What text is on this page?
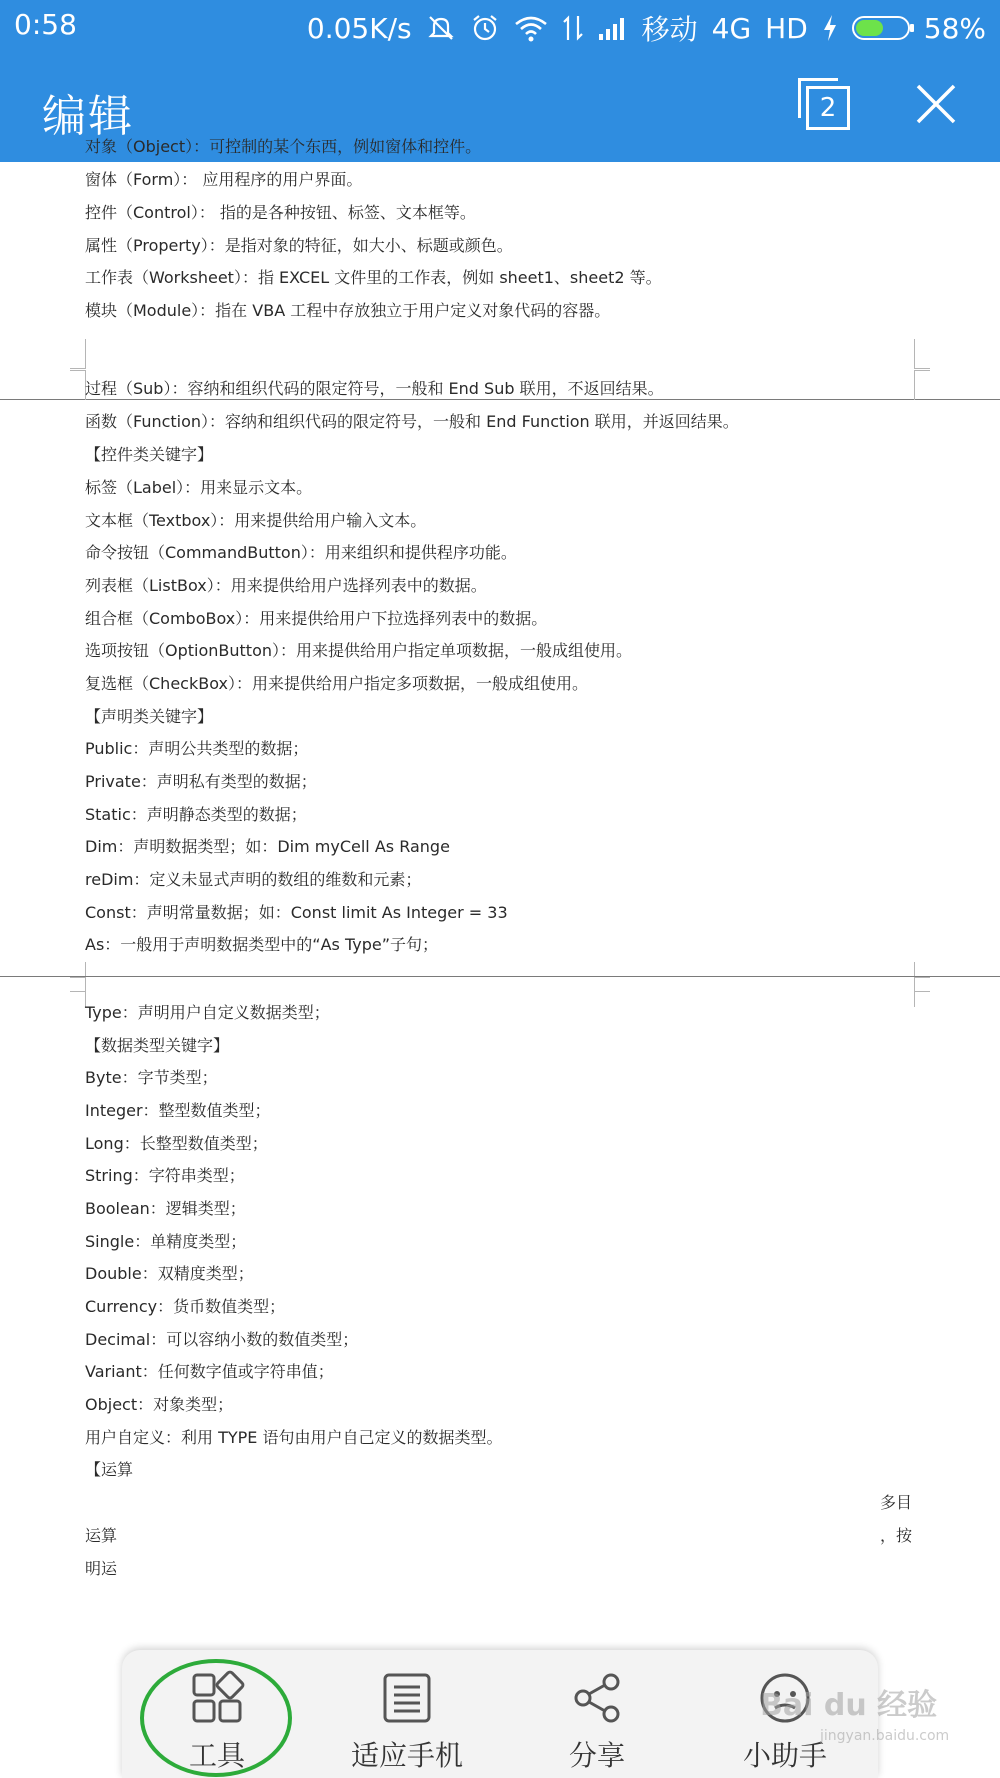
0:58	0.05K/s	移动 4G HD	58%
编辑	2
对象（Object）：可控制的某个东西，例如窗体和控件。
窗体（Form）： 应用程序的用户界面。
控件（Control）： 指的是各种按钮、标签、文本框等。
属性（Property）：是指对象的特征，如大小、标题或颜色。
工作表（Worksheet）：指 EXCEL 文件里的工作表，例如 sheet1、sheet2 等。
模块（Module）：指在 VBA 工程中存放独立于用户定义对象代码的容器。
过程（Sub）：容纳和组织代码的限定符号，一般和 End Sub 联用，不返回结果。
函数（Function）：容纳和组织代码的限定符号，一般和 End Function 联用，并返回结果。
【控件类关键字】
标签（Label）：用来显示文本。
文本框（Textbox）：用来提供给用户输入文本。
命令按钮（CommandButton）：用来组织和提供程序功能。
列表框（ListBox）：用来提供给用户选择列表中的数据。
组合框（ComboBox）：用来提供给用户下拉选择列表中的数据。
选项按钮（OptionButton）：用来提供给用户指定单项数据，一般成组使用。
复选框（CheckBox）：用来提供给用户指定多项数据，一般成组使用。
【声明类关键字】
Public：声明公共类型的数据；
Private：声明私有类型的数据；
Static：声明静态类型的数据；
Dim：声明数据类型；如：Dim myCell As Range
reDim：定义未显式声明的数组的维数和元素；
Const：声明常量数据；如：Const limit As Integer = 33
As：一般用于声明数据类型中的“As Type”子句；
Type：声明用户自定义数据类型；
【数据类型关键字】
Byte：字节类型；
Integer：整型数值类型；
Long：长整型数值类型；
String：字符串类型；
Boolean：逻辑类型；
Single：单精度类型；
Double：双精度类型；
Currency：货币数值类型；
Decimal：可以容纳小数的数值类型；
Variant：任何数字值或字符串值；
Object：对象类型；
用户自定义：利用 TYPE 语句由用户自己定义的数据类型。
【运算
运算
明运
多目
，按
工具	适应手机	分享	小助手
Bai du 经验
jingyan.baidu.com
